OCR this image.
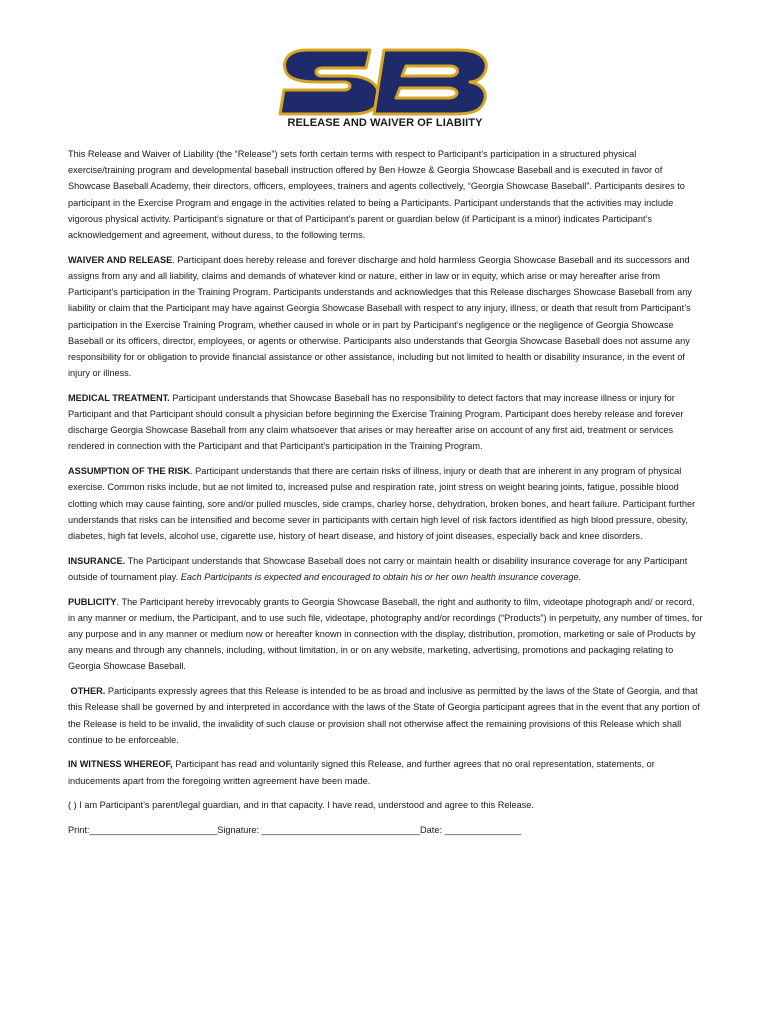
RELEASE AND WAIVER OF LIABIITY

This Release and Waiver of Liability (the “Release”) sets forth certain terms with respect to Participant’s participation in a structured physical exercise/training program and developmental baseball instruction offered by Ben Howze & Georgia Showcase Baseball and is executed in favor of Showcase Baseball Academy, their directors, officers, employees, trainers and agents collectively, “Georgia Showcase Baseball”. Participants desires to participant in the Exercise Program and engage in the activities related to being a Participants. Participant understands that the activities may include vigorous physical activity. Participant’s signature or that of Participant’s parent or guardian below (if Participant is a minor) indicates Participant’s acknowledgement and agreement, without duress, to the following terms.

WAIVER AND RELEASE. Participant does hereby release and forever discharge and hold harmless Georgia Showcase Baseball and its successors and assigns from any and all liability, claims and demands of whatever kind or nature, either in law or in equity, which arise or may hereafter arise from Participant’s participation in the Training Program. Participants understands and acknowledges that this Release discharges Showcase Baseball from any liability or claim that the Participant may have against Georgia Showcase Baseball with respect to any injury, illness, or death that result from Participant’s participation in the Exercise Training Program, whether caused in whole or in part by Participant’s negligence or the negligence of Georgia Showcase Baseball or its officers, director, employees, or agents or otherwise. Participants also understands that Georgia Showcase Baseball does not assume any responsibility for or obligation to provide financial assistance or other assistance, including but not limited to health or disability insurance, in the event of injury or illness.

MEDICAL TREATMENT. Participant understands that Showcase Baseball has no responsibility to detect factors that may increase illness or injury for Participant and that Participant should consult a physician before beginning the Exercise Training Program. Participant does hereby release and forever discharge Georgia Showcase Baseball from any claim whatsoever that arises or may hereafter arise on account of any first aid, treatment or services rendered in connection with the Participant and that Participant’s participation in the Training Program.

ASSUMPTION OF THE RISK. Participant understands that there are certain risks of illness, injury or death that are inherent in any program of physical exercise. Common risks include, but ae not limited to, increased pulse and respiration rate, joint stress on weight bearing joints, fatigue, possible blood clotting which may cause fainting, sore and/or pulled muscles, side cramps, charley horse, dehydration, broken bones, and heart failure. Participant further understands that risks can be intensified and become sever in participants with certain high level of risk factors identified as high blood pressure, obesity, diabetes, high fat levels, alcohol use, cigarette use, history of heart disease, and history of joint diseases, especially back and knee disorders.

INSURANCE. The Participant understands that Showcase Baseball does not carry or maintain health or disability insurance coverage for any Participant outside of tournament play. Each Participants is expected and encouraged to obtain his or her own health insurance coverage.

PUBLICITY. The Participant hereby irrevocably grants to Georgia Showcase Baseball, the right and authority to film, videotape photograph and/ or record, in any manner or medium, the Participant, and to use such file, videotape, photography and/or recordings (“Products”) in perpetuity, any number of times, for any purpose and in any manner or medium now or hereafter known in connection with the display, distribution, promotion, marketing or sale of Products by any means and through any channels, including, without limitation, in or on any website, marketing, advertising, promotions and packaging relating to Georgia Showcase Baseball.

OTHER. Participants expressly agrees that this Release is intended to be as broad and inclusive as permitted by the laws of the State of Georgia, and that this Release shall be governed by and interpreted in accordance with the laws of the State of Georgia participant agrees that in the event that any portion of the Release is held to be invalid, the invalidity of such clause or provision shall not otherwise affect the remaining provisions of this Release which shall continue to be enforceable.

IN WITNESS WHEREOF, Participant has read and voluntarily signed this Release, and further agrees that no oral representation, statements, or inducements apart from the foregoing written agreement have been made.

( ) I am Participant’s parent/legal guardian, and in that capacity. I have read, understood and agree to this Release.

Print:_________________________Signature: _______________________________Date: _______________
